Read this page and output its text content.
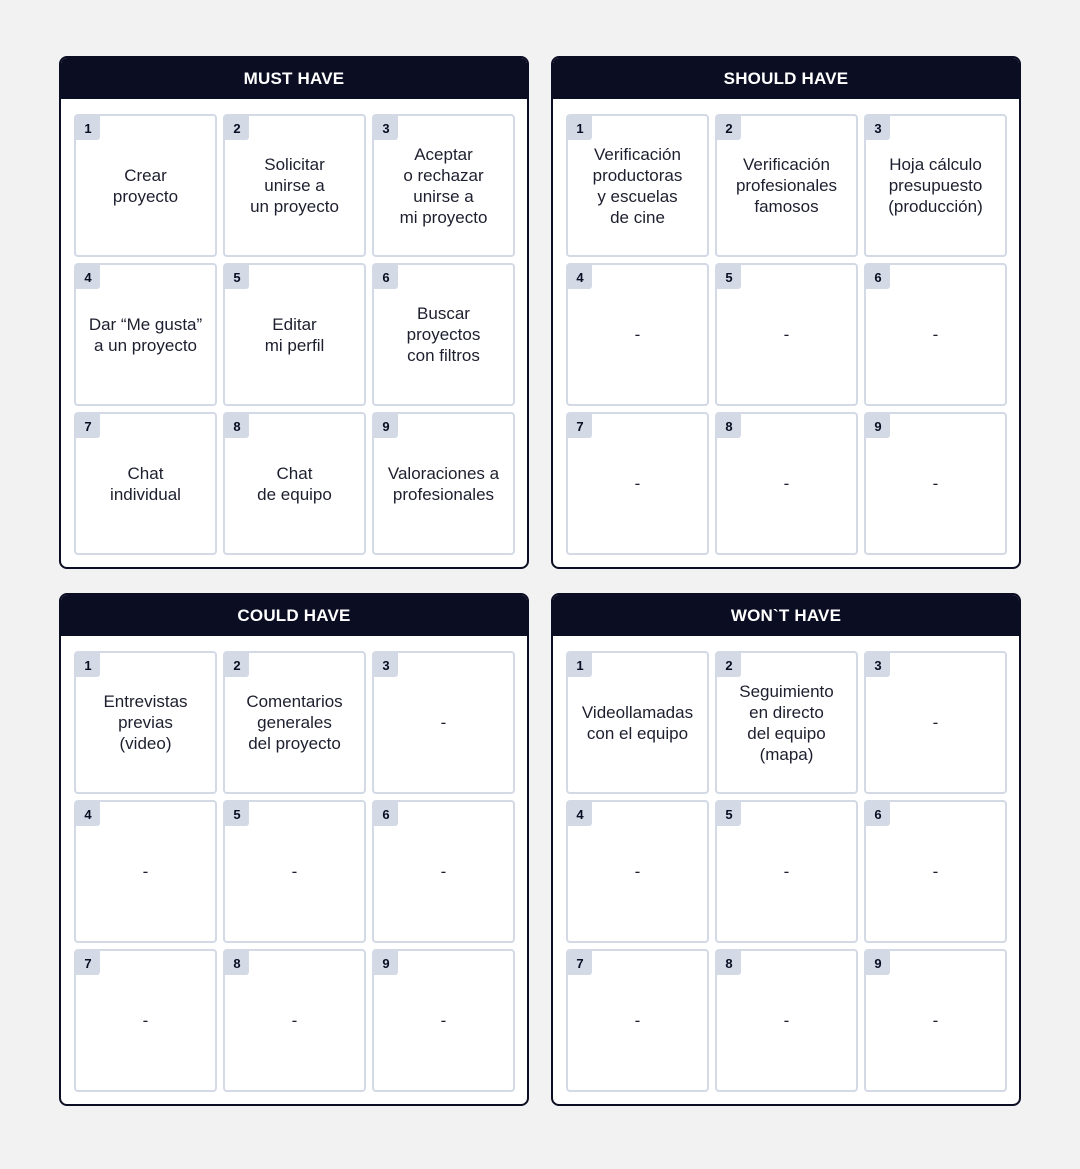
MUST HAVE
1
Crear
proyecto
2
Solicitar
unirse a
un proyecto
3
Aceptar
o rechazar
unirse a
mi proyecto
4
Dar “Me gusta”
a un proyecto
5
Editar
mi perfil
6
Buscar
proyectos
con filtros
7
Chat
individual
8
Chat
de equipo
9
Valoraciones a
profesionales
SHOULD HAVE
1
Verificación
productoras
y escuelas
de cine
2
Verificación
profesionales
famosos
3
Hoja cálculo
presupuesto
(producción)
4
-
5
-
6
-
7
-
8
-
9
-
COULD HAVE
1
Entrevistas
previas
(video)
2
Comentarios
generales
del proyecto
3
-
4
-
5
-
6
-
7
-
8
-
9
-
WON`T HAVE
1
Videollamadas
con el equipo
2
Seguimiento
en directo
del equipo
(mapa)
3
-
4
-
5
-
6
-
7
-
8
-
9
-
